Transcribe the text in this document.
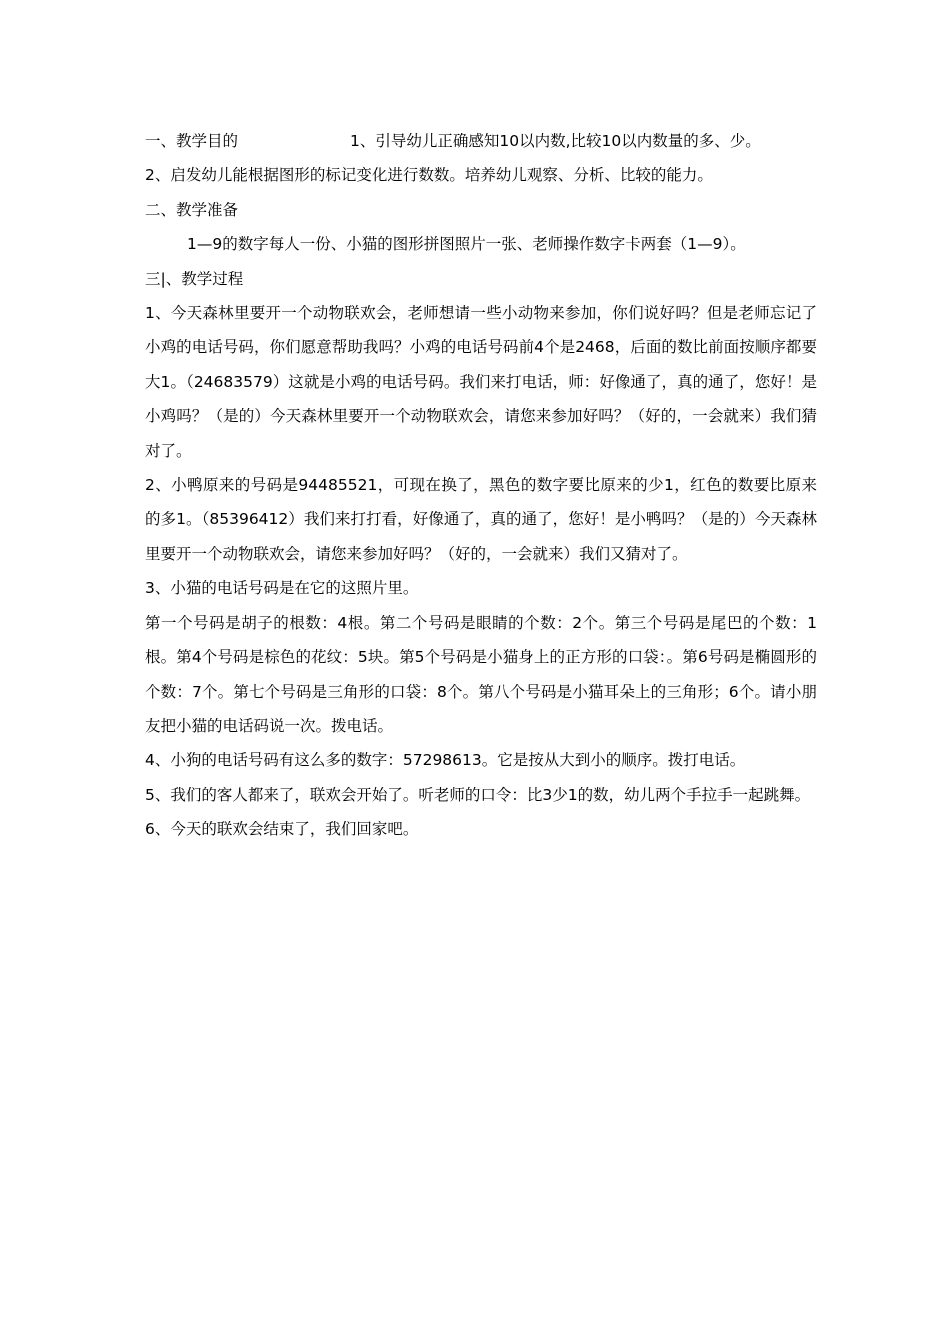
一、教学目的	1、引导幼儿正确感知10以内数,比较10以内数量的多、少。

2、启发幼儿能根据图形的标记变化进行数数。培养幼儿观察、分析、比较的能力。

二、教学准备

1—9的数字每人一份、小猫的图形拼图照片一张、老师操作数字卡两套（1—9）。

三|、教学过程

1、今天森林里要开一个动物联欢会，老师想请一些小动物来参加，你们说好吗？但是老师忘记了小鸡的电话号码，你们愿意帮助我吗？小鸡的电话号码前4个是2468，后面的数比前面按顺序都要大1。（24683579）这就是小鸡的电话号码。我们来打电话，师：好像通了，真的通了，您好！是小鸡吗？（是的）今天森林里要开一个动物联欢会，请您来参加好吗？（好的，一会就来）我们猜对了。

2、小鸭原来的号码是94485521，可现在换了，黑色的数字要比原来的少1，红色的数要比原来的多1。（85396412）我们来打打看，好像通了，真的通了，您好！是小鸭吗？（是的）今天森林里要开一个动物联欢会，请您来参加好吗？（好的，一会就来）我们又猜对了。

3、小猫的电话号码是在它的这照片里。

第一个号码是胡子的根数：4根。第二个号码是眼睛的个数：2个。第三个号码是尾巴的个数：1根。第4个号码是棕色的花纹：5块。第5个号码是小猫身上的正方形的口袋：。第6号码是椭圆形的个数：7个。第七个号码是三角形的口袋：8个。第八个号码是小猫耳朵上的三角形；6个。请小朋友把小猫的电话码说一次。拨电话。

4、小狗的电话号码有这么多的数字：57298613。它是按从大到小的顺序。拨打电话。

5、我们的客人都来了，联欢会开始了。听老师的口令：比3少1的数，幼儿两个手拉手一起跳舞。

6、今天的联欢会结束了，我们回家吧。
